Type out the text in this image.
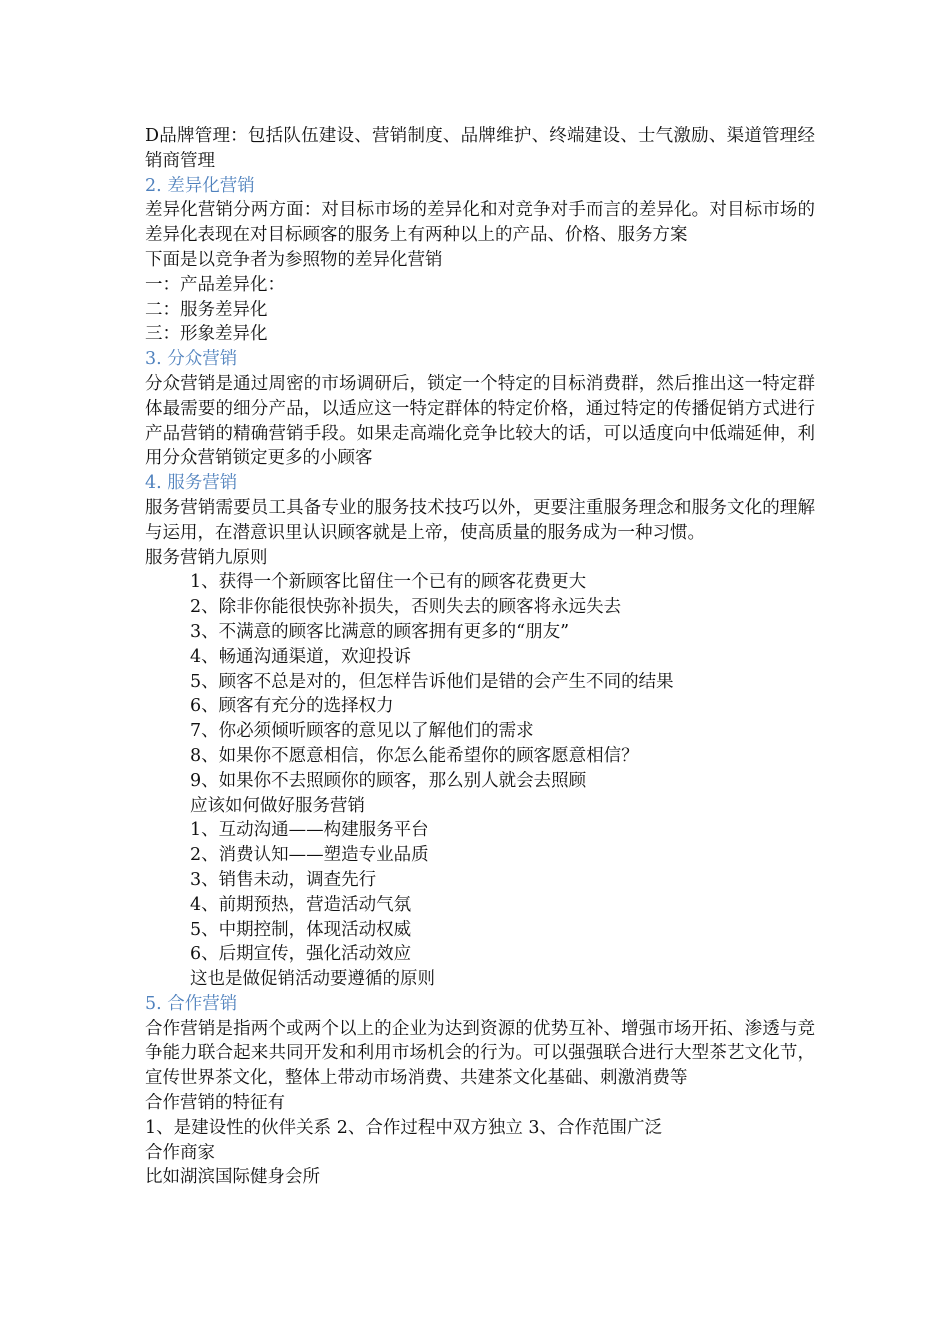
D品牌管理：包括队伍建设、营销制度、品牌维护、终端建设、士气激励、渠道管理经销商管理
2. 差异化营销
差异化营销分两方面：对目标市场的差异化和对竞争对手而言的差异化。对目标市场的差异化表现在对目标顾客的服务上有两种以上的产品、价格、服务方案
下面是以竞争者为参照物的差异化营销
一：产品差异化：
二：服务差异化
三：形象差异化
3. 分众营销
分众营销是通过周密的市场调研后，锁定一个特定的目标消费群，然后推出这一特定群体最需要的细分产品，以适应这一特定群体的特定价格，通过特定的传播促销方式进行产品营销的精确营销手段。如果走高端化竞争比较大的话，可以适度向中低端延伸，利用分众营销锁定更多的小顾客
4. 服务营销
服务营销需要员工具备专业的服务技术技巧以外，更要注重服务理念和服务文化的理解与运用，在潜意识里认识顾客就是上帝，使高质量的服务成为一种习惯。
服务营销九原则
1、获得一个新顾客比留住一个已有的顾客花费更大
2、除非你能很快弥补损失，否则失去的顾客将永远失去
3、不满意的顾客比满意的顾客拥有更多的“朋友”
4、畅通沟通渠道，欢迎投诉
5、顾客不总是对的，但怎样告诉他们是错的会产生不同的结果
6、顾客有充分的选择权力
7、你必须倾听顾客的意见以了解他们的需求
8、如果你不愿意相信，你怎么能希望你的顾客愿意相信？
9、如果你不去照顾你的顾客，那么别人就会去照顾
应该如何做好服务营销
1、互动沟通——构建服务平台
2、消费认知——塑造专业品质
3、销售未动，调查先行
4、前期预热，营造活动气氛
5、中期控制，体现活动权威
6、后期宣传，强化活动效应
这也是做促销活动要遵循的原则
5. 合作营销
合作营销是指两个或两个以上的企业为达到资源的优势互补、增强市场开拓、渗透与竞争能力联合起来共同开发和利用市场机会的行为。可以强强联合进行大型茶艺文化节，宣传世界茶文化，整体上带动市场消费、共建茶文化基础、刺激消费等
合作营销的特征有
1、是建设性的伙伴关系 2、合作过程中双方独立 3、合作范围广泛
合作商家
比如湖滨国际健身会所
